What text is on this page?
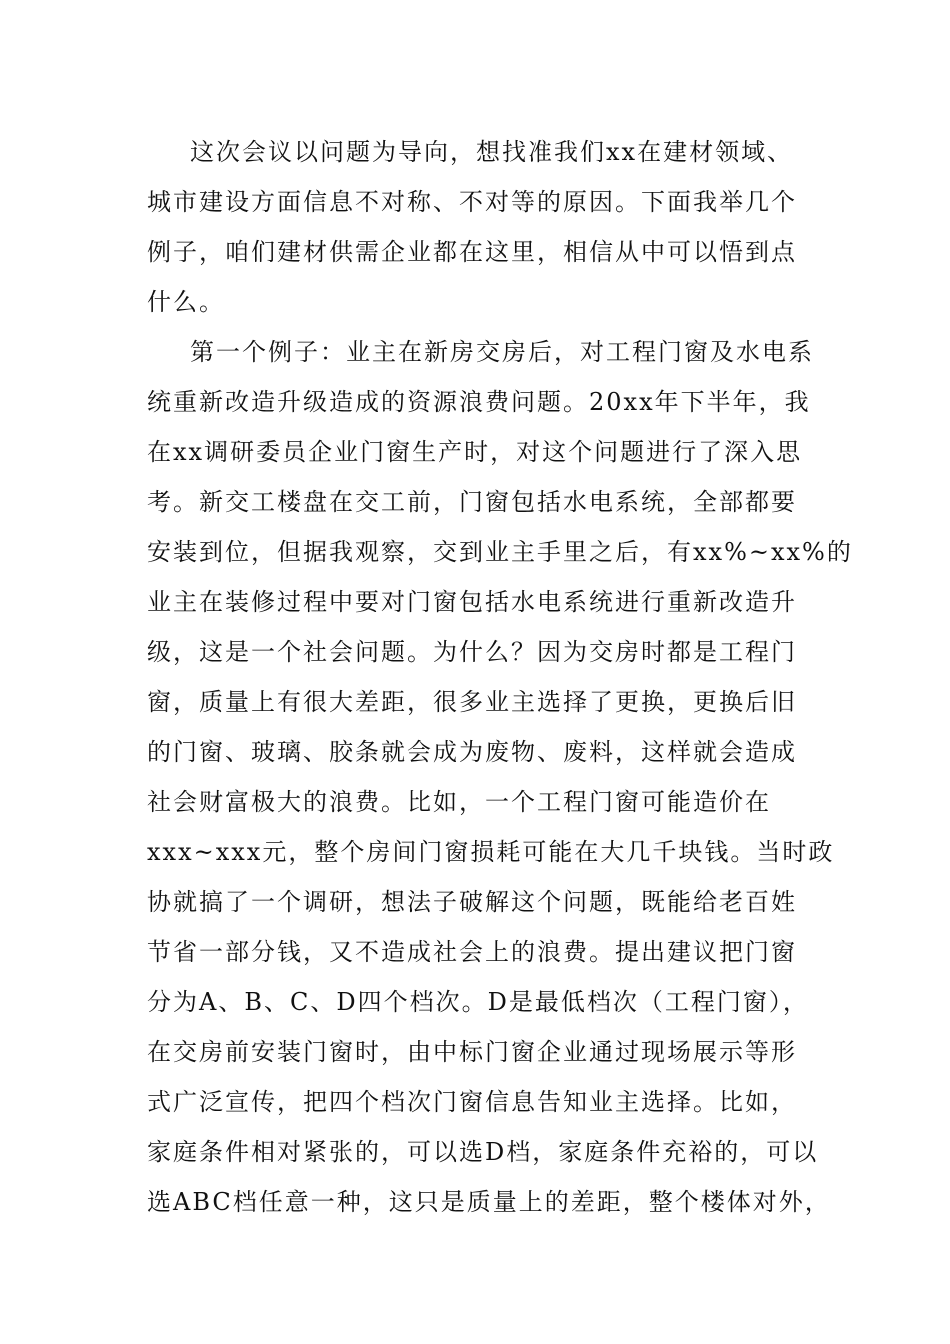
这次会议以问题为导向，想找准我们xx在建材领域、
城市建设方面信息不对称、不对等的原因。下面我举几个
例子，咱们建材供需企业都在这里，相信从中可以悟到点
什么。
第一个例子：业主在新房交房后，对工程门窗及水电系
统重新改造升级造成的资源浪费问题。20xx年下半年，我
在xx调研委员企业门窗生产时，对这个问题进行了深入思
考。新交工楼盘在交工前，门窗包括水电系统，全部都要
安装到位，但据我观察，交到业主手里之后，有xx%~xx%的
业主在装修过程中要对门窗包括水电系统进行重新改造升
级，这是一个社会问题。为什么？因为交房时都是工程门
窗，质量上有很大差距，很多业主选择了更换，更换后旧
的门窗、玻璃、胶条就会成为废物、废料，这样就会造成
社会财富极大的浪费。比如，一个工程门窗可能造价在
xxx~xxx元，整个房间门窗损耗可能在大几千块钱。当时政
协就搞了一个调研，想法子破解这个问题，既能给老百姓
节省一部分钱，又不造成社会上的浪费。提出建议把门窗
分为A、B、C、D四个档次。D是最低档次（工程门窗），
在交房前安装门窗时，由中标门窗企业通过现场展示等形
式广泛宣传，把四个档次门窗信息告知业主选择。比如，
家庭条件相对紧张的，可以选D档，家庭条件充裕的，可以
选ABC档任意一种，这只是质量上的差距，整个楼体对外，
